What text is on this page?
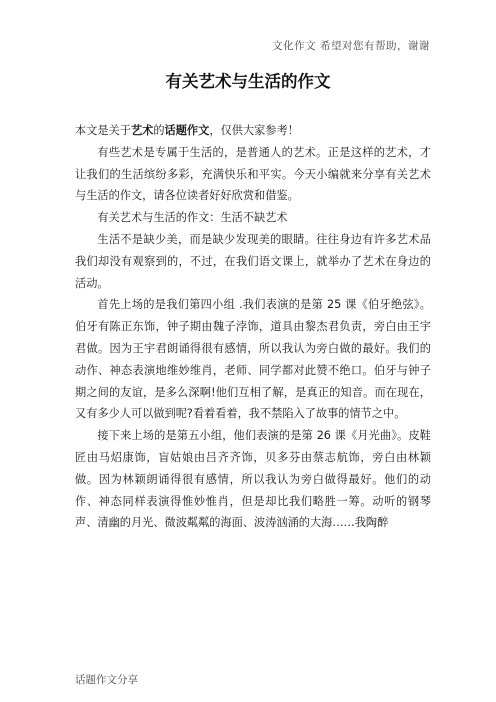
文化作文 希望对您有帮助，谢谢
有关艺术与生活的作文

本文是关于艺术的话题作文，仅供大家参考！

有些艺术是专属于生活的，是普通人的艺术。正是这样的艺术，才让我们的生活缤纷多彩，充满快乐和平实。今天小编就来分享有关艺术与生活的作文，请各位读者好好欣赏和借鉴。

有关艺术与生活的作文：生活不缺艺术

生活不是缺少美，而是缺少发现美的眼睛。往往身边有许多艺术品我们却没有观察到的，不过，在我们语文课上，就举办了艺术在身边的活动。

首先上场的是我们第四小组 .我们表演的是第 25 课《伯牙绝弦》。伯牙有陈正东饰，钟子期由魏子浡饰，道具由黎杰君负责，旁白由王宇君做。因为王宇君朗诵得很有感情，所以我认为旁白做的最好。我们的动作、神态表演地维妙维肖，老师、同学都对此赞不绝口。伯牙与钟子期之间的友谊，是多么深啊!他们互相了解，是真正的知音。而在现在，又有多少人可以做到呢?看着看着，我不禁陷入了故事的情节之中。

接下来上场的是第五小组，他们表演的是第 26 课《月光曲》。皮鞋匠由马炤康饰，盲姑娘由吕齐齐饰，贝多芬由蔡志航饰，旁白由林颖做。因为林颖朗诵得很有感情，所以我认为旁白做得最好。他们的动作、神态同样表演得惟妙惟肖，但是却比我们略胜一筹。动听的钢琴声、清幽的月光、微波粼粼的海面、波涛汹涌的大海……我陶醉

话题作文分享
